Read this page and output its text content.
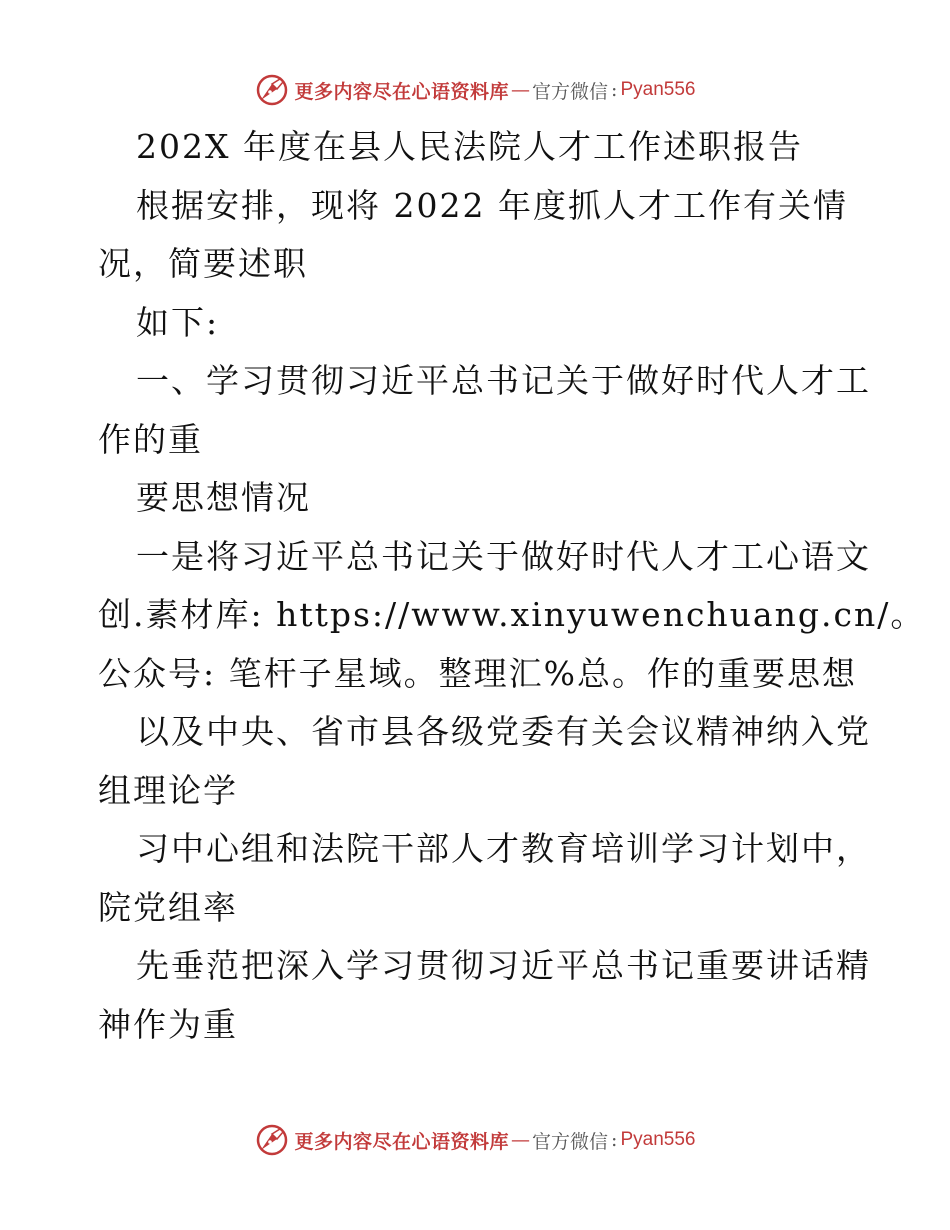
更多内容尽在心语资料库 — 官方微信 : Pyan556
202X 年度在县人民法院人才工作述职报告
根据安排，现将 2022 年度抓人才工作有关情
况，简要述职
如下:
一、学习贯彻习近平总书记关于做好时代人才工
作的重
要思想情况
一是将习近平总书记关于做好时代人才工心语文
创.素材库: https://www.xinyuwenchuang.cn/。
公众号: 笔杆子星域。整理汇%总。作的重要思想
以及中央、省市县各级党委有关会议精神纳入党
组理论学
习中心组和法院干部人才教育培训学习计划中，
院党组率
先垂范把深入学习贯彻习近平总书记重要讲话精
神作为重
更多内容尽在心语资料库 — 官方微信 : Pyan556
